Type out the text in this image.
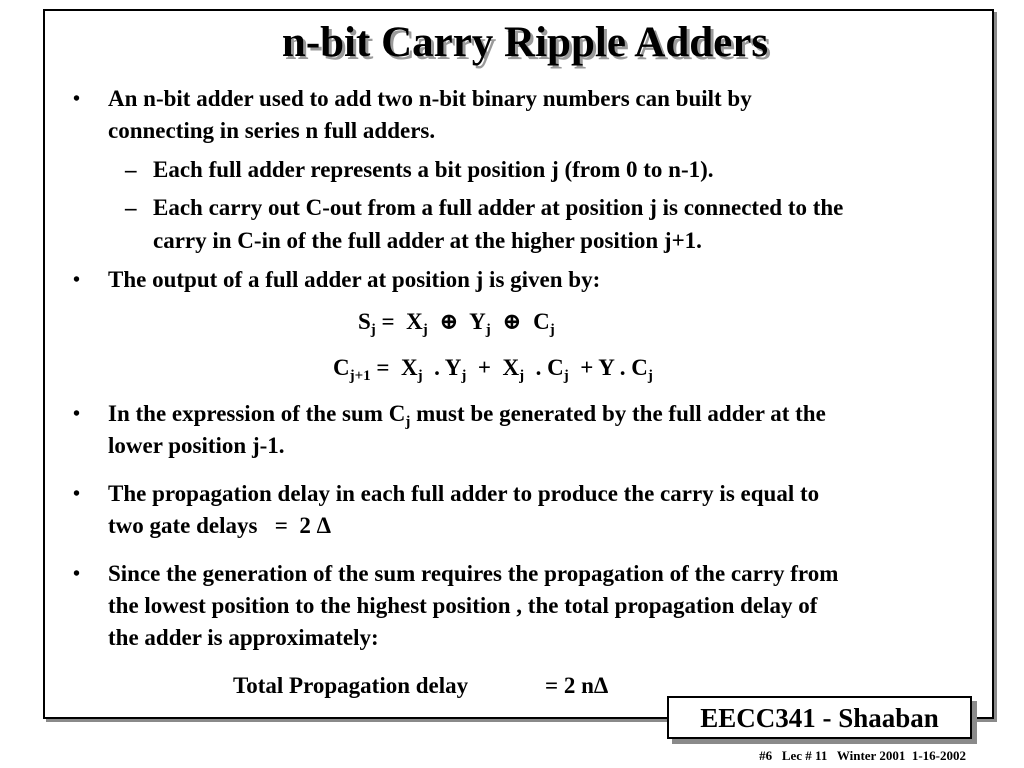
n-bit Carry Ripple Adders
• An n-bit adder used to add two n-bit binary numbers can built by
connecting in series n full adders.
– Each full adder represents a bit position j (from 0 to n-1).
– Each carry out C-out from a full adder at position j is connected to the
carry in C-in of the full adder at the higher position j+1.
• The output of a full adder at position j is given by:
$S_j = X_j$  ⊕  $Y_j$  ⊕  $C_j$
$C_{j+1} = X_j$  . $Y_j + X_j$  . $C_j + Y$ . $C_j$
• In the expression of the sum $C_j$ must be generated by the full adder at the
lower position j-1.
• The propagation delay in each full adder to produce the carry is equal to
two gate delays   =  2 Δ
• Since the generation of the sum requires the propagation of the carry from
the lowest position to the highest position , the total propagation delay of
the adder is approximately:
Total Propagation delay	= 2 nΔ
EECC341 - Shaaban
#6   Lec # 11   Winter 2001  1-16-2002
